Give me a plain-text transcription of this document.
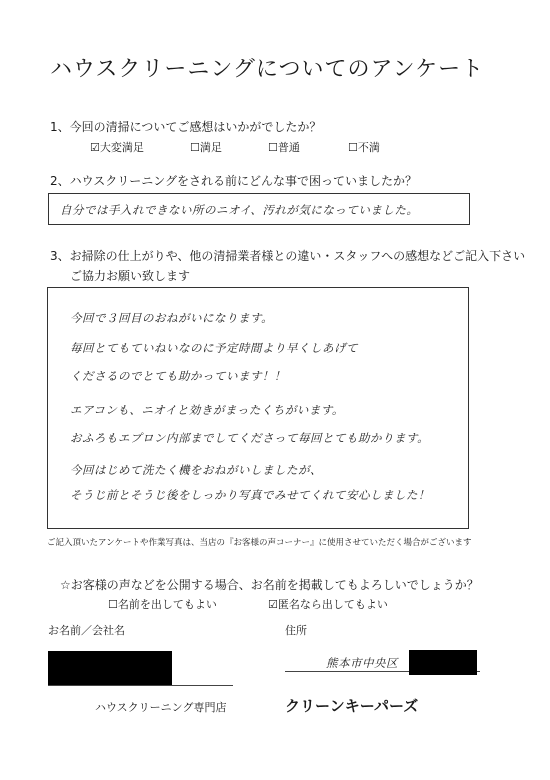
ハウスクリーニングについてのアンケート
1、今回の清掃についてご感想はいかがでしたか？
☑大変満足	☐満足	☐普通	☐不満
2、ハウスクリーニングをされる前にどんな事で困っていましたか？
自分では手入れできない所のニオイ、汚れが気になっていました。
3、お掃除の仕上がりや、他の清掃業者様との違い・スタッフへの感想などご記入下さい
ご協力お願い致します
今回で３回目のおねがいになります。
毎回とてもていねいなのに予定時間より早くしあげて
くださるのでとても助かっています！！
エアコンも、ニオイと効きがまったくちがいます。
おふろもエプロン内部までしてくださって毎回とても助かります。
今回はじめて洗たく機をおねがいしましたが、
そうじ前とそうじ後をしっかり写真でみせてくれて安心しました！
ご記入頂いたアンケートや作業写真は、当店の『お客様の声コーナー』に使用させていただく場合がございます
☆お客様の声などを公開する場合、お名前を掲載してもよろしいでしょうか？
☐名前を出してもよい	☑匿名なら出してもよい
お名前／会社名	住所
熊本市中央区
ハウスクリーニング専門店	クリーンキーパーズ
